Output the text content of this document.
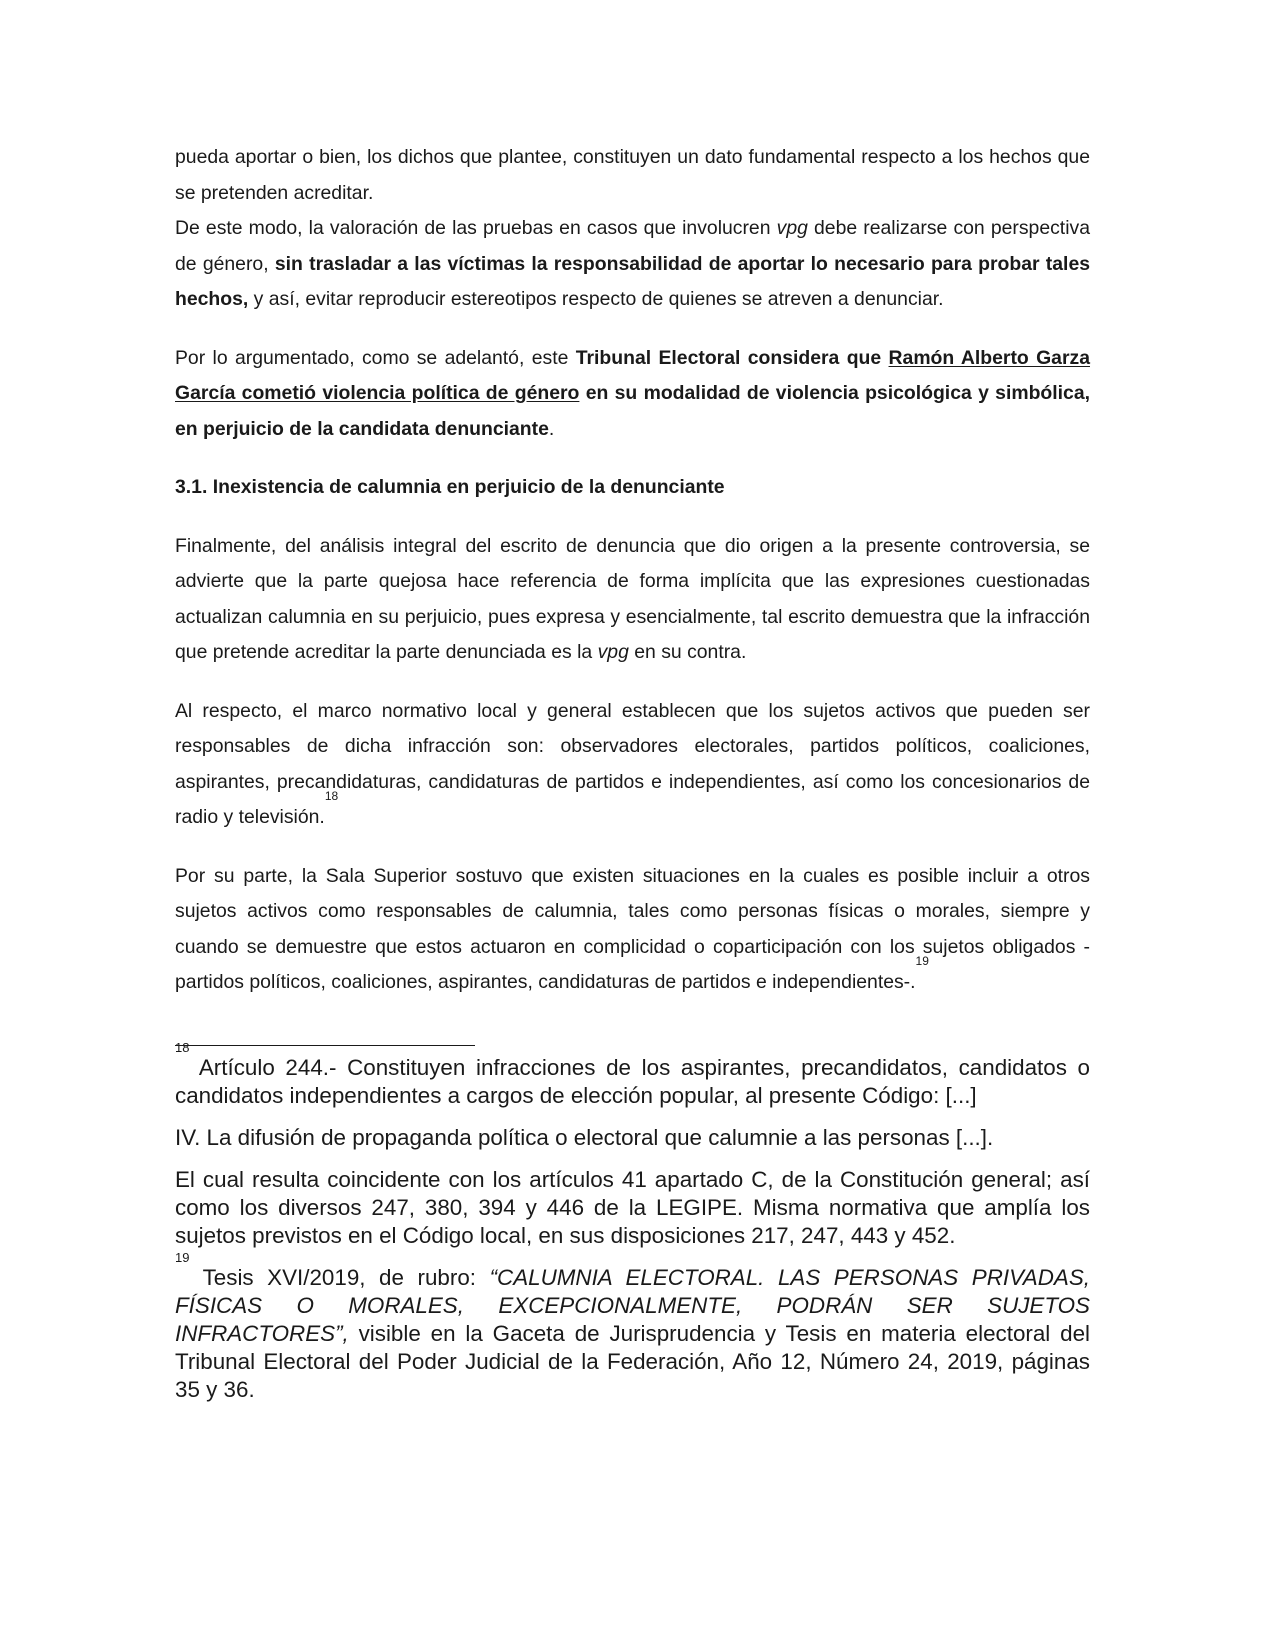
pueda aportar o bien, los dichos que plantee, constituyen un dato fundamental respecto a los hechos que se pretenden acreditar.

De este modo, la valoración de las pruebas en casos que involucren vpg debe realizarse con perspectiva de género, sin trasladar a las víctimas la responsabilidad de aportar lo necesario para probar tales hechos, y así, evitar reproducir estereotipos respecto de quienes se atreven a denunciar.

Por lo argumentado, como se adelantó, este Tribunal Electoral considera que Ramón Alberto Garza García cometió violencia política de género en su modalidad de violencia psicológica y simbólica, en perjuicio de la candidata denunciante.

3.1. Inexistencia de calumnia en perjuicio de la denunciante

Finalmente, del análisis integral del escrito de denuncia que dio origen a la presente controversia, se advierte que la parte quejosa hace referencia de forma implícita que las expresiones cuestionadas actualizan calumnia en su perjuicio, pues expresa y esencialmente, tal escrito demuestra que la infracción que pretende acreditar la parte denunciada es la vpg en su contra.

Al respecto, el marco normativo local y general establecen que los sujetos activos que pueden ser responsables de dicha infracción son: observadores electorales, partidos políticos, coaliciones, aspirantes, precandidaturas, candidaturas de partidos e independientes, así como los concesionarios de radio y televisión.$^{18}$

Por su parte, la Sala Superior sostuvo que existen situaciones en la cuales es posible incluir a otros sujetos activos como responsables de calumnia, tales como personas físicas o morales, siempre y cuando se demuestre que estos actuaron en complicidad o coparticipación con los sujetos obligados -partidos políticos, coaliciones, aspirantes, candidaturas de partidos e independientes-.$^{19}$

$^{18}$ Artículo 244.- Constituyen infracciones de los aspirantes, precandidatos, candidatos o candidatos independientes a cargos de elección popular, al presente Código: [...]

IV. La difusión de propaganda política o electoral que calumnie a las personas [...].

El cual resulta coincidente con los artículos 41 apartado C, de la Constitución general; así como los diversos 247, 380, 394 y 446 de la LEGIPE. Misma normativa que amplía los sujetos previstos en el Código local, en sus disposiciones 217, 247, 443 y 452.

$^{19}$ Tesis XVI/2019, de rubro: “CALUMNIA ELECTORAL. LAS PERSONAS PRIVADAS, FÍSICAS O MORALES, EXCEPCIONALMENTE, PODRÁN SER SUJETOS INFRACTORES”, visible en la Gaceta de Jurisprudencia y Tesis en materia electoral del Tribunal Electoral del Poder Judicial de la Federación, Año 12, Número 24, 2019, páginas 35 y 36.
